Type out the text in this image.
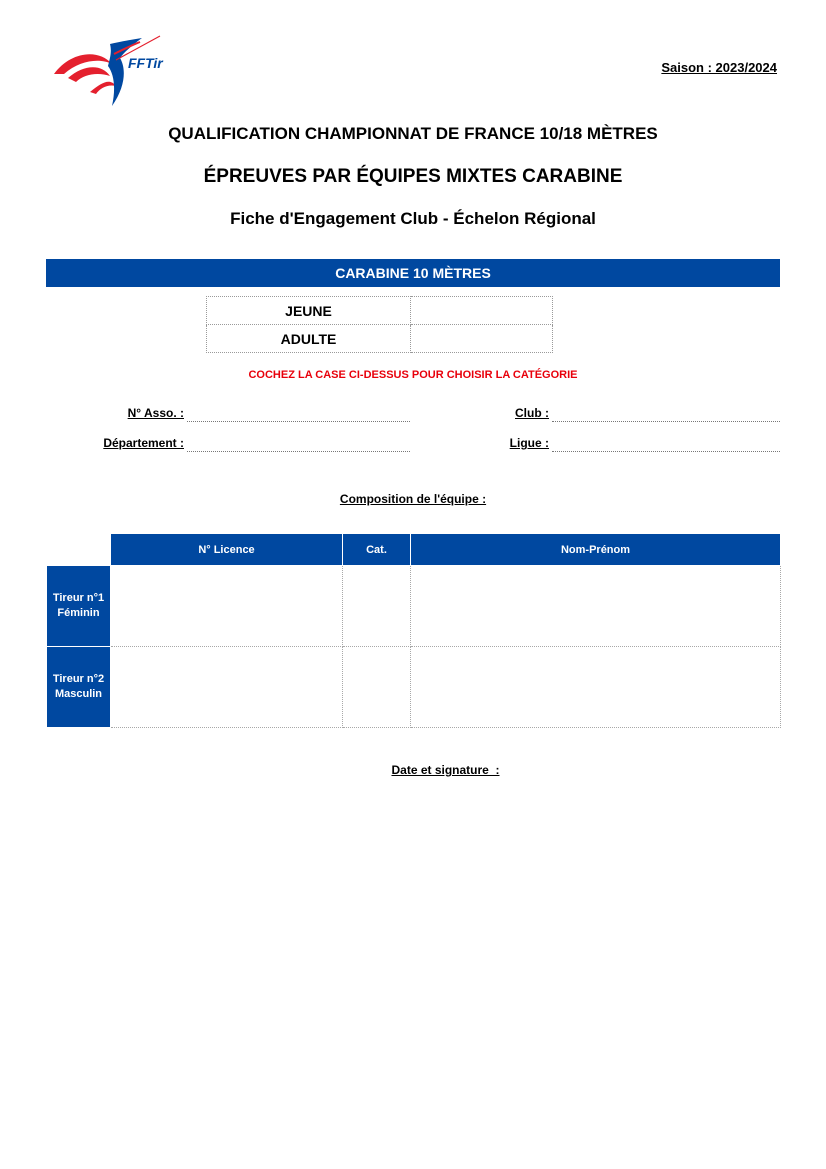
FFTir	Saison : 2023/2024
QUALIFICATION CHAMPIONNAT DE FRANCE 10/18 MÈTRES
ÉPREUVES PAR ÉQUIPES MIXTES CARABINE
Fiche d'Engagement Club - Échelon Régional
CARABINE 10 MÈTRES
JEUNE	
ADULTE	
COCHEZ LA CASE CI-DESSUS POUR CHOISIR LA CATÉGORIE
N° Asso. :	Club :
Département :	Ligue :
Composition de l'équipe :
	N° Licence	Cat.	Nom-Prénom
Tireur n°1
Féminin			
Tireur n°2
Masculin			
Date et signature  :
